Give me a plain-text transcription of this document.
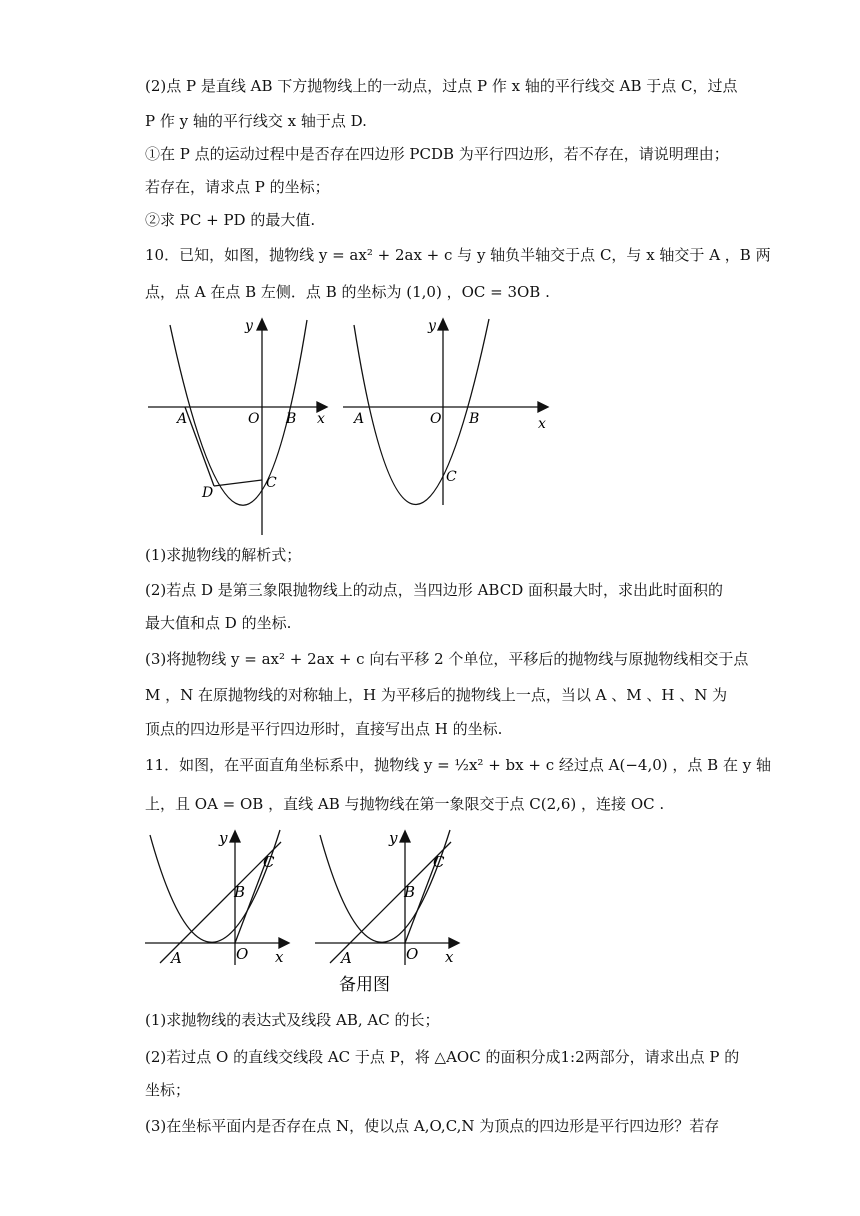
(2)点 P 是直线 AB 下方抛物线上的一动点，过点 P 作 x 轴的平行线交 AB 于点 C，过点
P 作 y 轴的平行线交 x 轴于点 D.
①在 P 点的运动过程中是否存在四边形 PCDB 为平行四边形，若不存在，请说明理由；
若存在，请求点 P 的坐标；
②求 PC + PD 的最大值.
10．已知，如图，抛物线 y = ax² + 2ax + c 与 y 轴负半轴交于点 C，与 x 轴交于 A ，B 两
点，点 A 在点 B 左侧．点 B 的坐标为 (1,0) ，OC = 3OB .
y
A	O B x
C
D
y
A	O B	x
C
(1)求抛物线的解析式；
(2)若点 D 是第三象限抛物线上的动点，当四边形 ABCD 面积最大时，求出此时面积的
最大值和点 D 的坐标.
(3)将抛物线 y = ax² + 2ax + c 向右平移 2 个单位，平移后的抛物线与原抛物线相交于点
M ，N 在原抛物线的对称轴上，H 为平移后的抛物线上一点，当以 A 、M 、H 、N 为
顶点的四边形是平行四边形时，直接写出点 H 的坐标.
11．如图，在平面直角坐标系中，抛物线 y = ½x² + bx + c 经过点 A(−4,0) ，点 B 在 y 轴
上，且 OA = OB ，直线 AB 与抛物线在第一象限交于点 C(2,6) ，连接 OC .
y
C
B
A	O x
y
C
B
A	O x
备用图
(1)求抛物线的表达式及线段 AB, AC 的长；
(2)若过点 O 的直线交线段 AC 于点 P，将 △AOC 的面积分成1:2两部分，请求出点 P 的
坐标；
(3)在坐标平面内是否存在点 N，使以点 A,O,C,N 为顶点的四边形是平行四边形？若存
